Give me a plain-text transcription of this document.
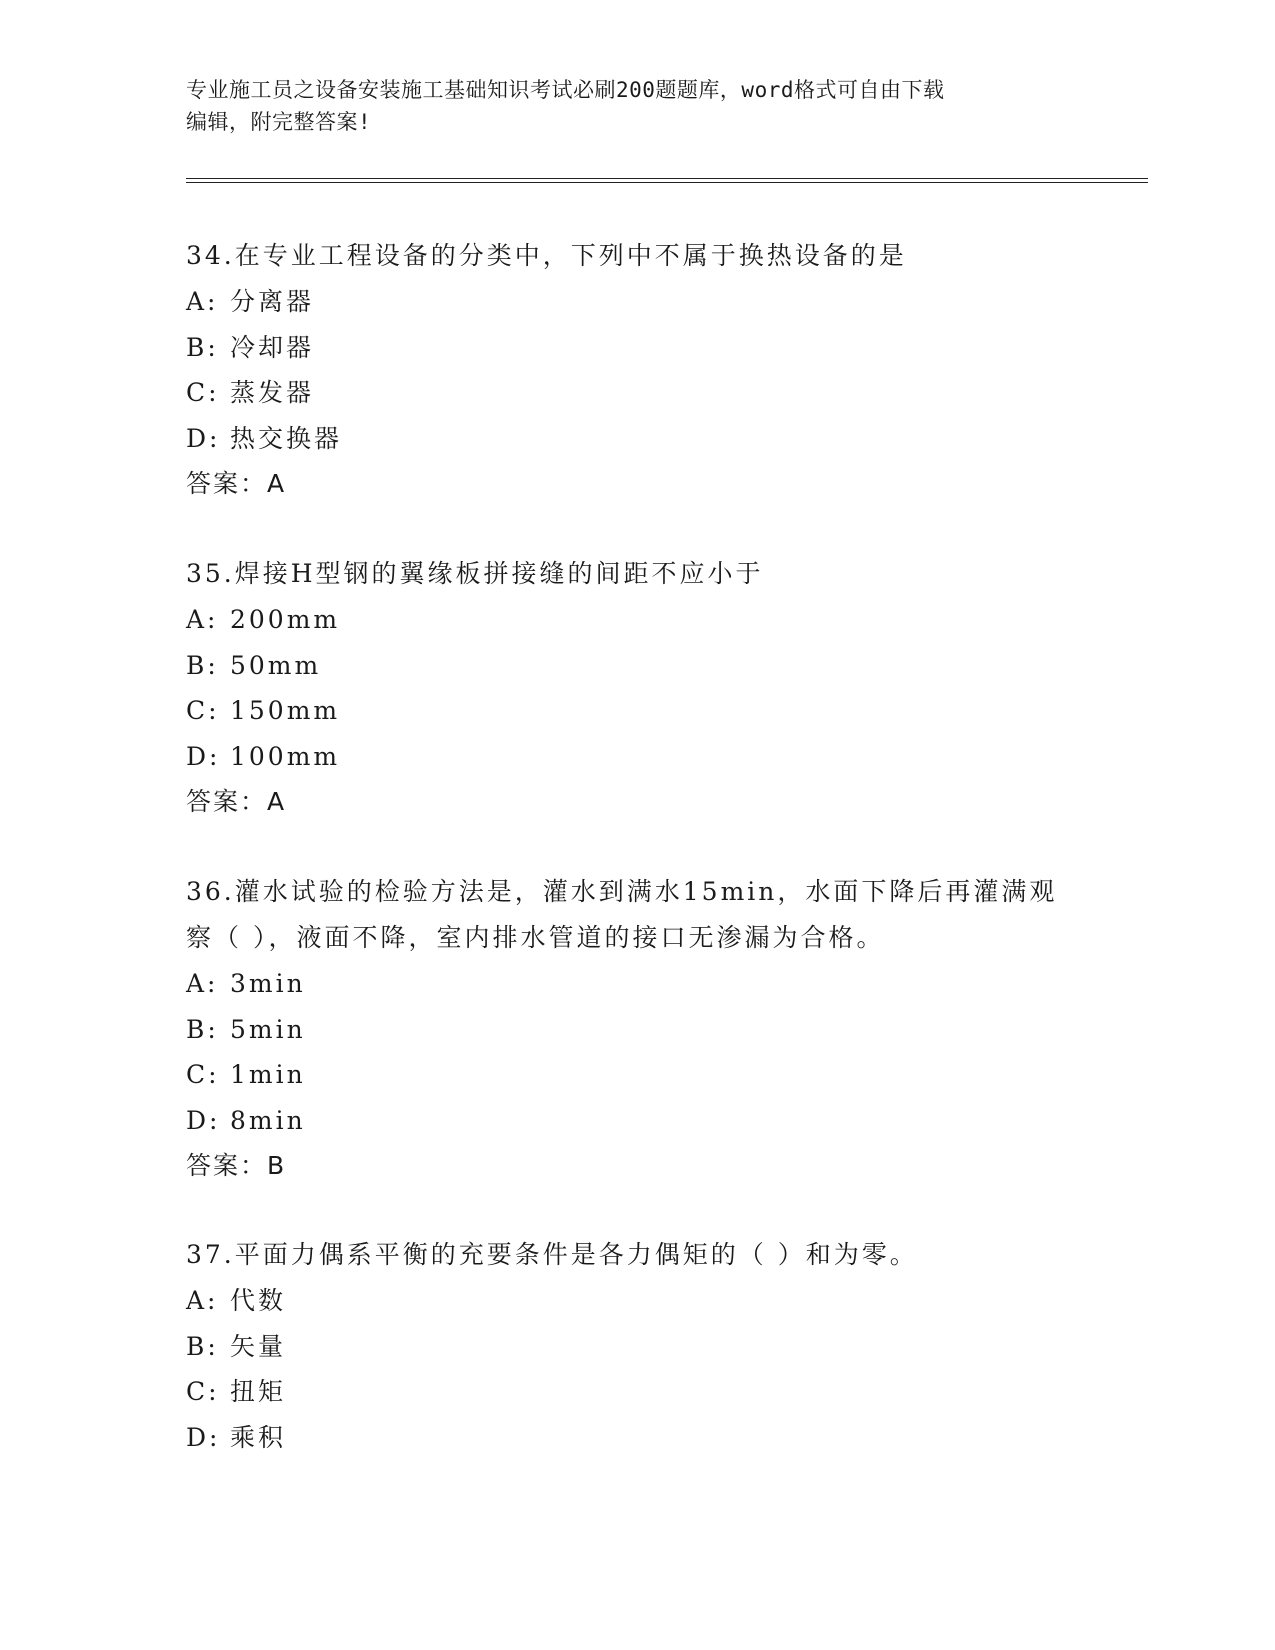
专业施工员之设备安装施工基础知识考试必刷200题题库，word格式可自由下载
编辑，附完整答案!

34.在专业工程设备的分类中，下列中不属于换热设备的是

A: 分离器

B: 冷却器

C: 蒸发器

D: 热交换器

答案：A

35.焊接H型钢的翼缘板拼接缝的间距不应小于

A: 200mm

B: 50mm

C: 150mm

D: 100mm

答案：A

36.灌水试验的检验方法是，灌水到满水15min，水面下降后再灌满观

察（ ），液面不降，室内排水管道的接口无渗漏为合格。

A: 3min

B: 5min

C: 1min

D: 8min

答案：B

37.平面力偶系平衡的充要条件是各力偶矩的（ ）和为零。

A: 代数

B: 矢量

C: 扭矩

D: 乘积
